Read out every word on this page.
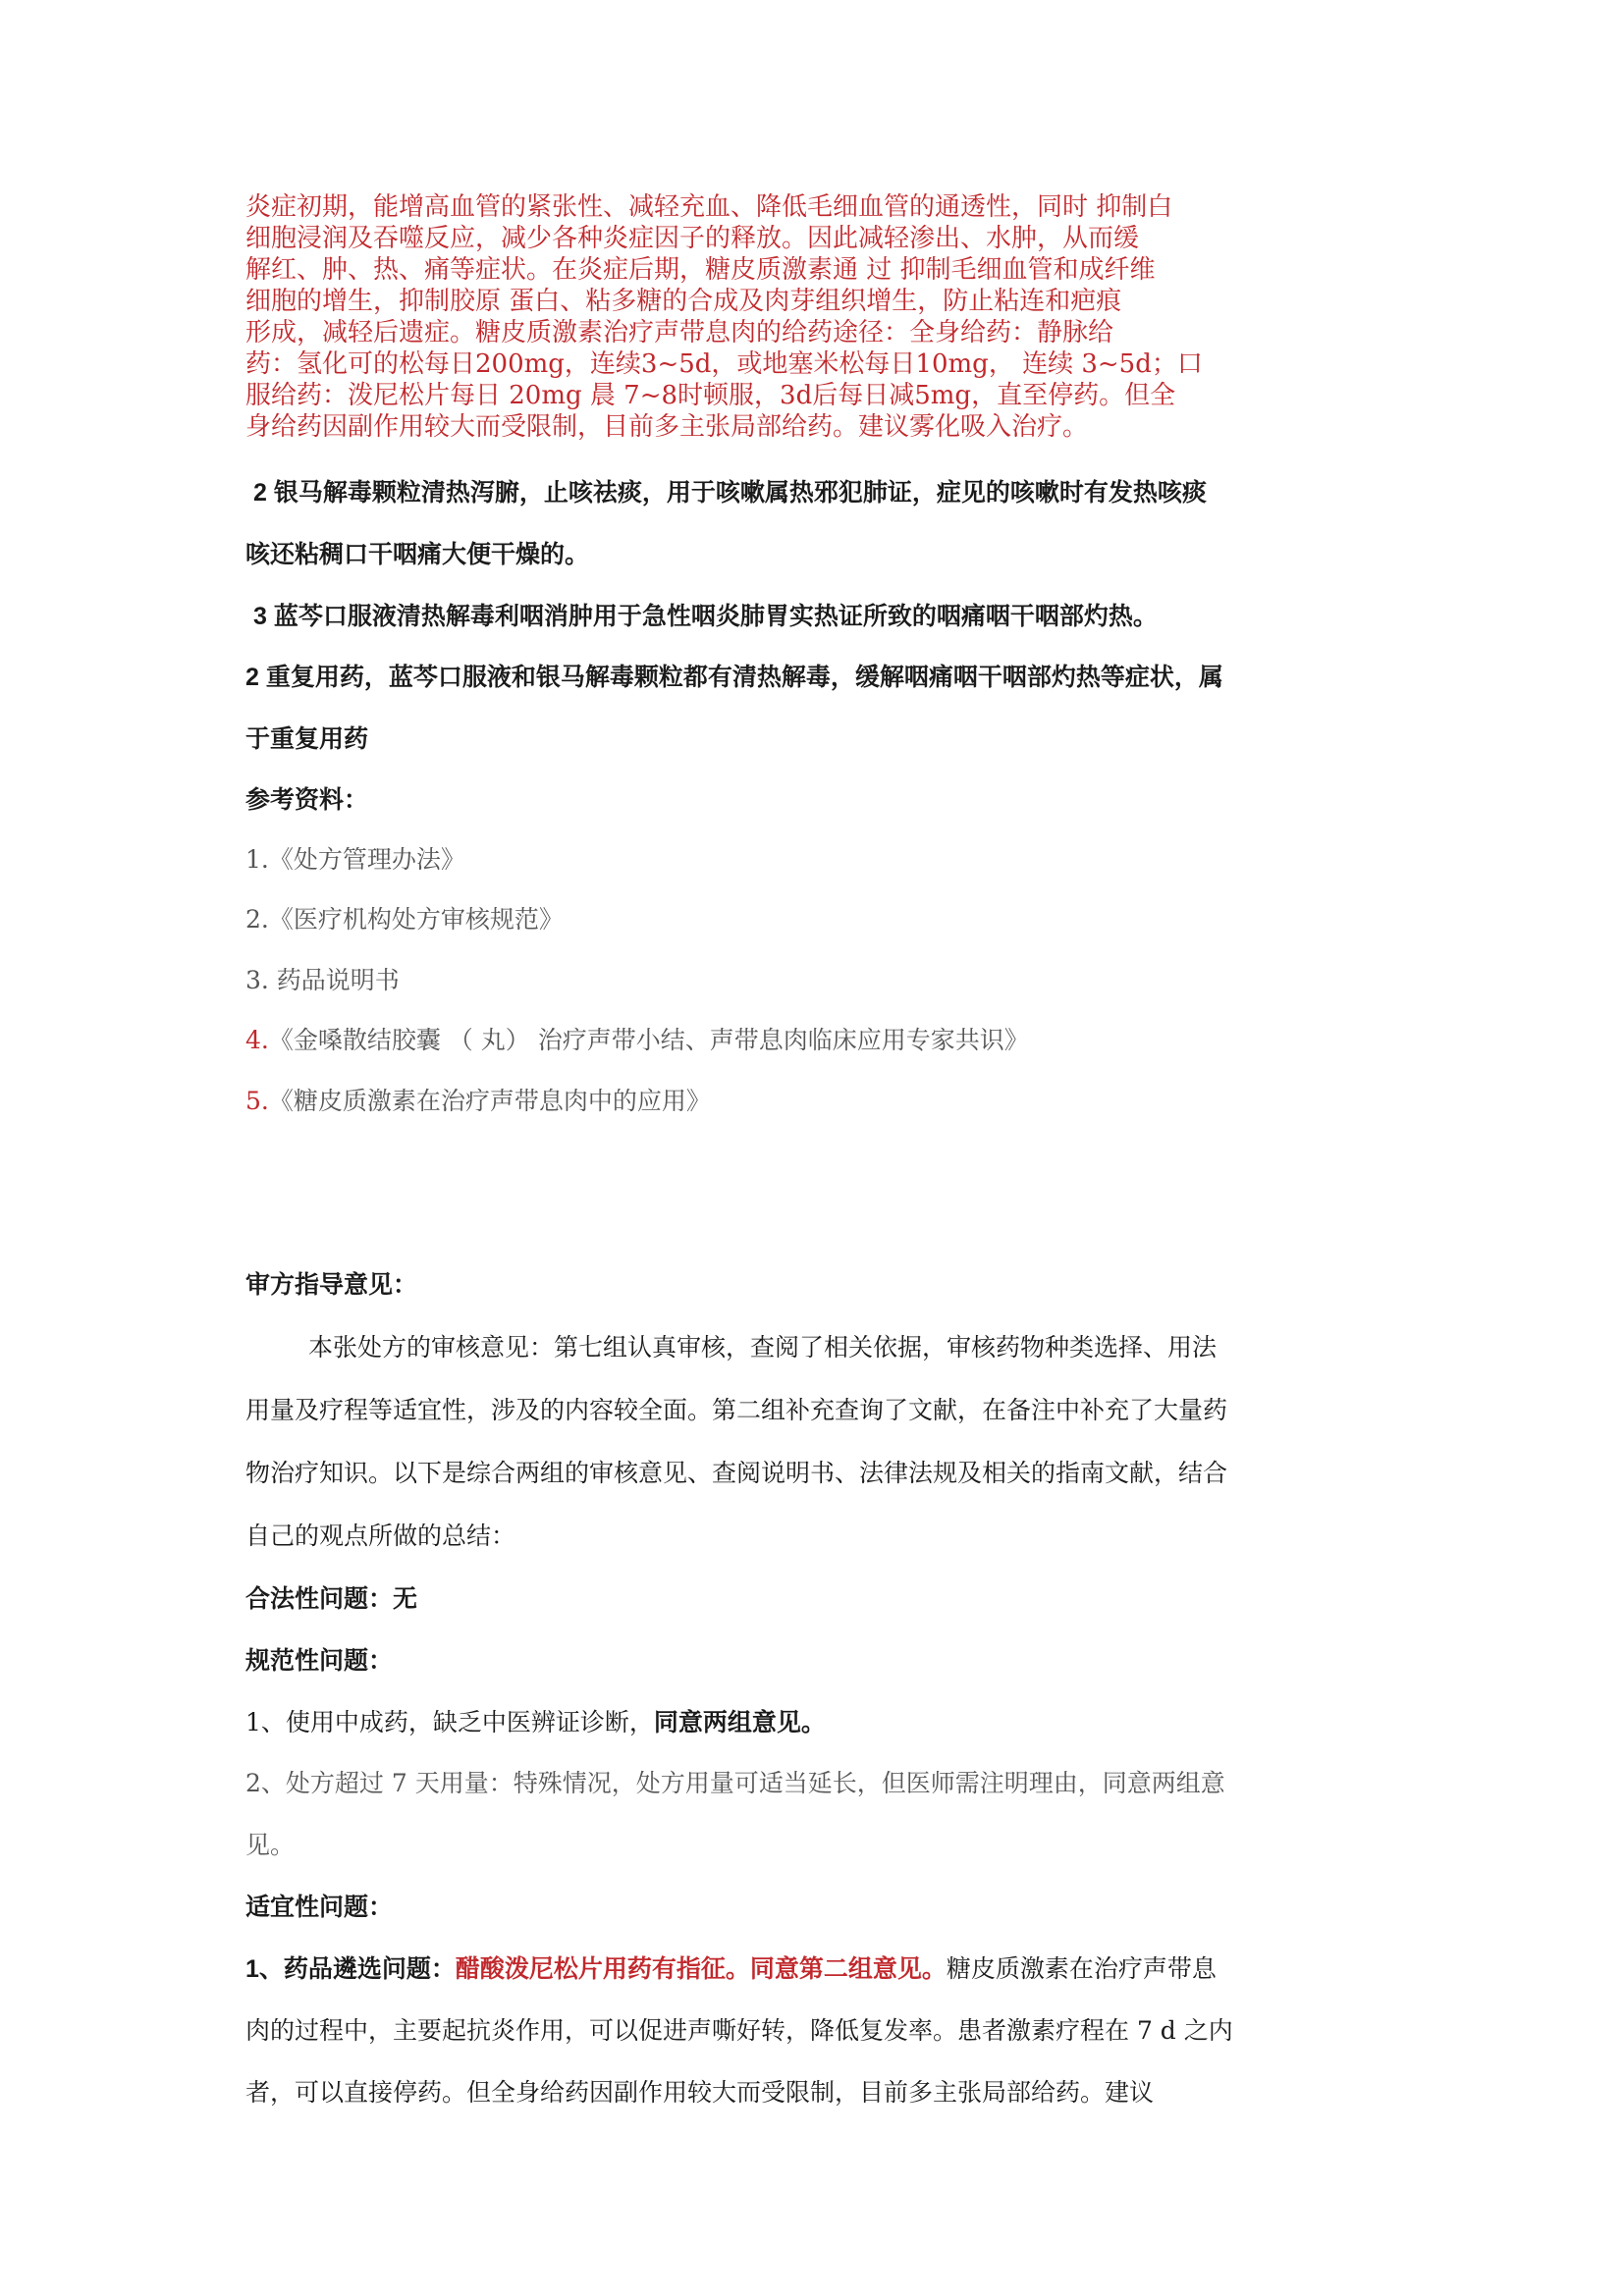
炎症初期，能增高血管的紧张性、减轻充血、降低毛细血管的通透性，同时 抑制白
细胞浸润及吞噬反应，减少各种炎症因子的释放。因此减轻渗出、水肿，从而缓
解红、肿、热、痛等症状。在炎症后期，糖皮质激素通 过 抑制毛细血管和成纤维
细胞的增生，抑制胶原 蛋白、粘多糖的合成及肉芽组织增生，防止粘连和疤痕
形成，减轻后遗症。糖皮质激素治疗声带息肉的给药途径：全身给药：静脉给
药：氢化可的松每日200mg，连续3~5d，或地塞米松每日10mg， 连续 3~5d；口
服给药：泼尼松片每日 20mg 晨 7~8时顿服，3d后每日减5mg，直至停药。但全
身给药因副作用较大而受限制，目前多主张局部给药。建议雾化吸入治疗。
2 银马解毒颗粒清热泻腑，止咳祛痰，用于咳嗽属热邪犯肺证，症见的咳嗽时有发热咳痰
咳还粘稠口干咽痛大便干燥的。
3 蓝芩口服液清热解毒利咽消肿用于急性咽炎肺胃实热证所致的咽痛咽干咽部灼热。
2 重复用药，蓝芩口服液和银马解毒颗粒都有清热解毒，缓解咽痛咽干咽部灼热等症状，属
于重复用药
参考资料：
1.《处方管理办法》
2.《医疗机构处方审核规范》
3. 药品说明书
4.《金嗓散结胶囊 （ 丸） 治疗声带小结、声带息肉临床应用专家共识》
5.《糖皮质激素在治疗声带息肉中的应用》
审方指导意见：
本张处方的审核意见：第七组认真审核，查阅了相关依据，审核药物种类选择、用法
用量及疗程等适宜性，涉及的内容较全面。第二组补充查询了文献，在备注中补充了大量药
物治疗知识。以下是综合两组的审核意见、查阅说明书、法律法规及相关的指南文献，结合
自己的观点所做的总结：
合法性问题：无
规范性问题：
1、使用中成药，缺乏中医辨证诊断，同意两组意见。
2、处方超过 7 天用量：特殊情况，处方用量可适当延长，但医师需注明理由，同意两组意
见。
适宜性问题：
1、药品遴选问题：醋酸泼尼松片用药有指征。同意第二组意见。糖皮质激素在治疗声带息
肉的过程中，主要起抗炎作用，可以促进声嘶好转，降低复发率。患者激素疗程在 7 d 之内
者，可以直接停药。但全身给药因副作用较大而受限制，目前多主张局部给药。建议
